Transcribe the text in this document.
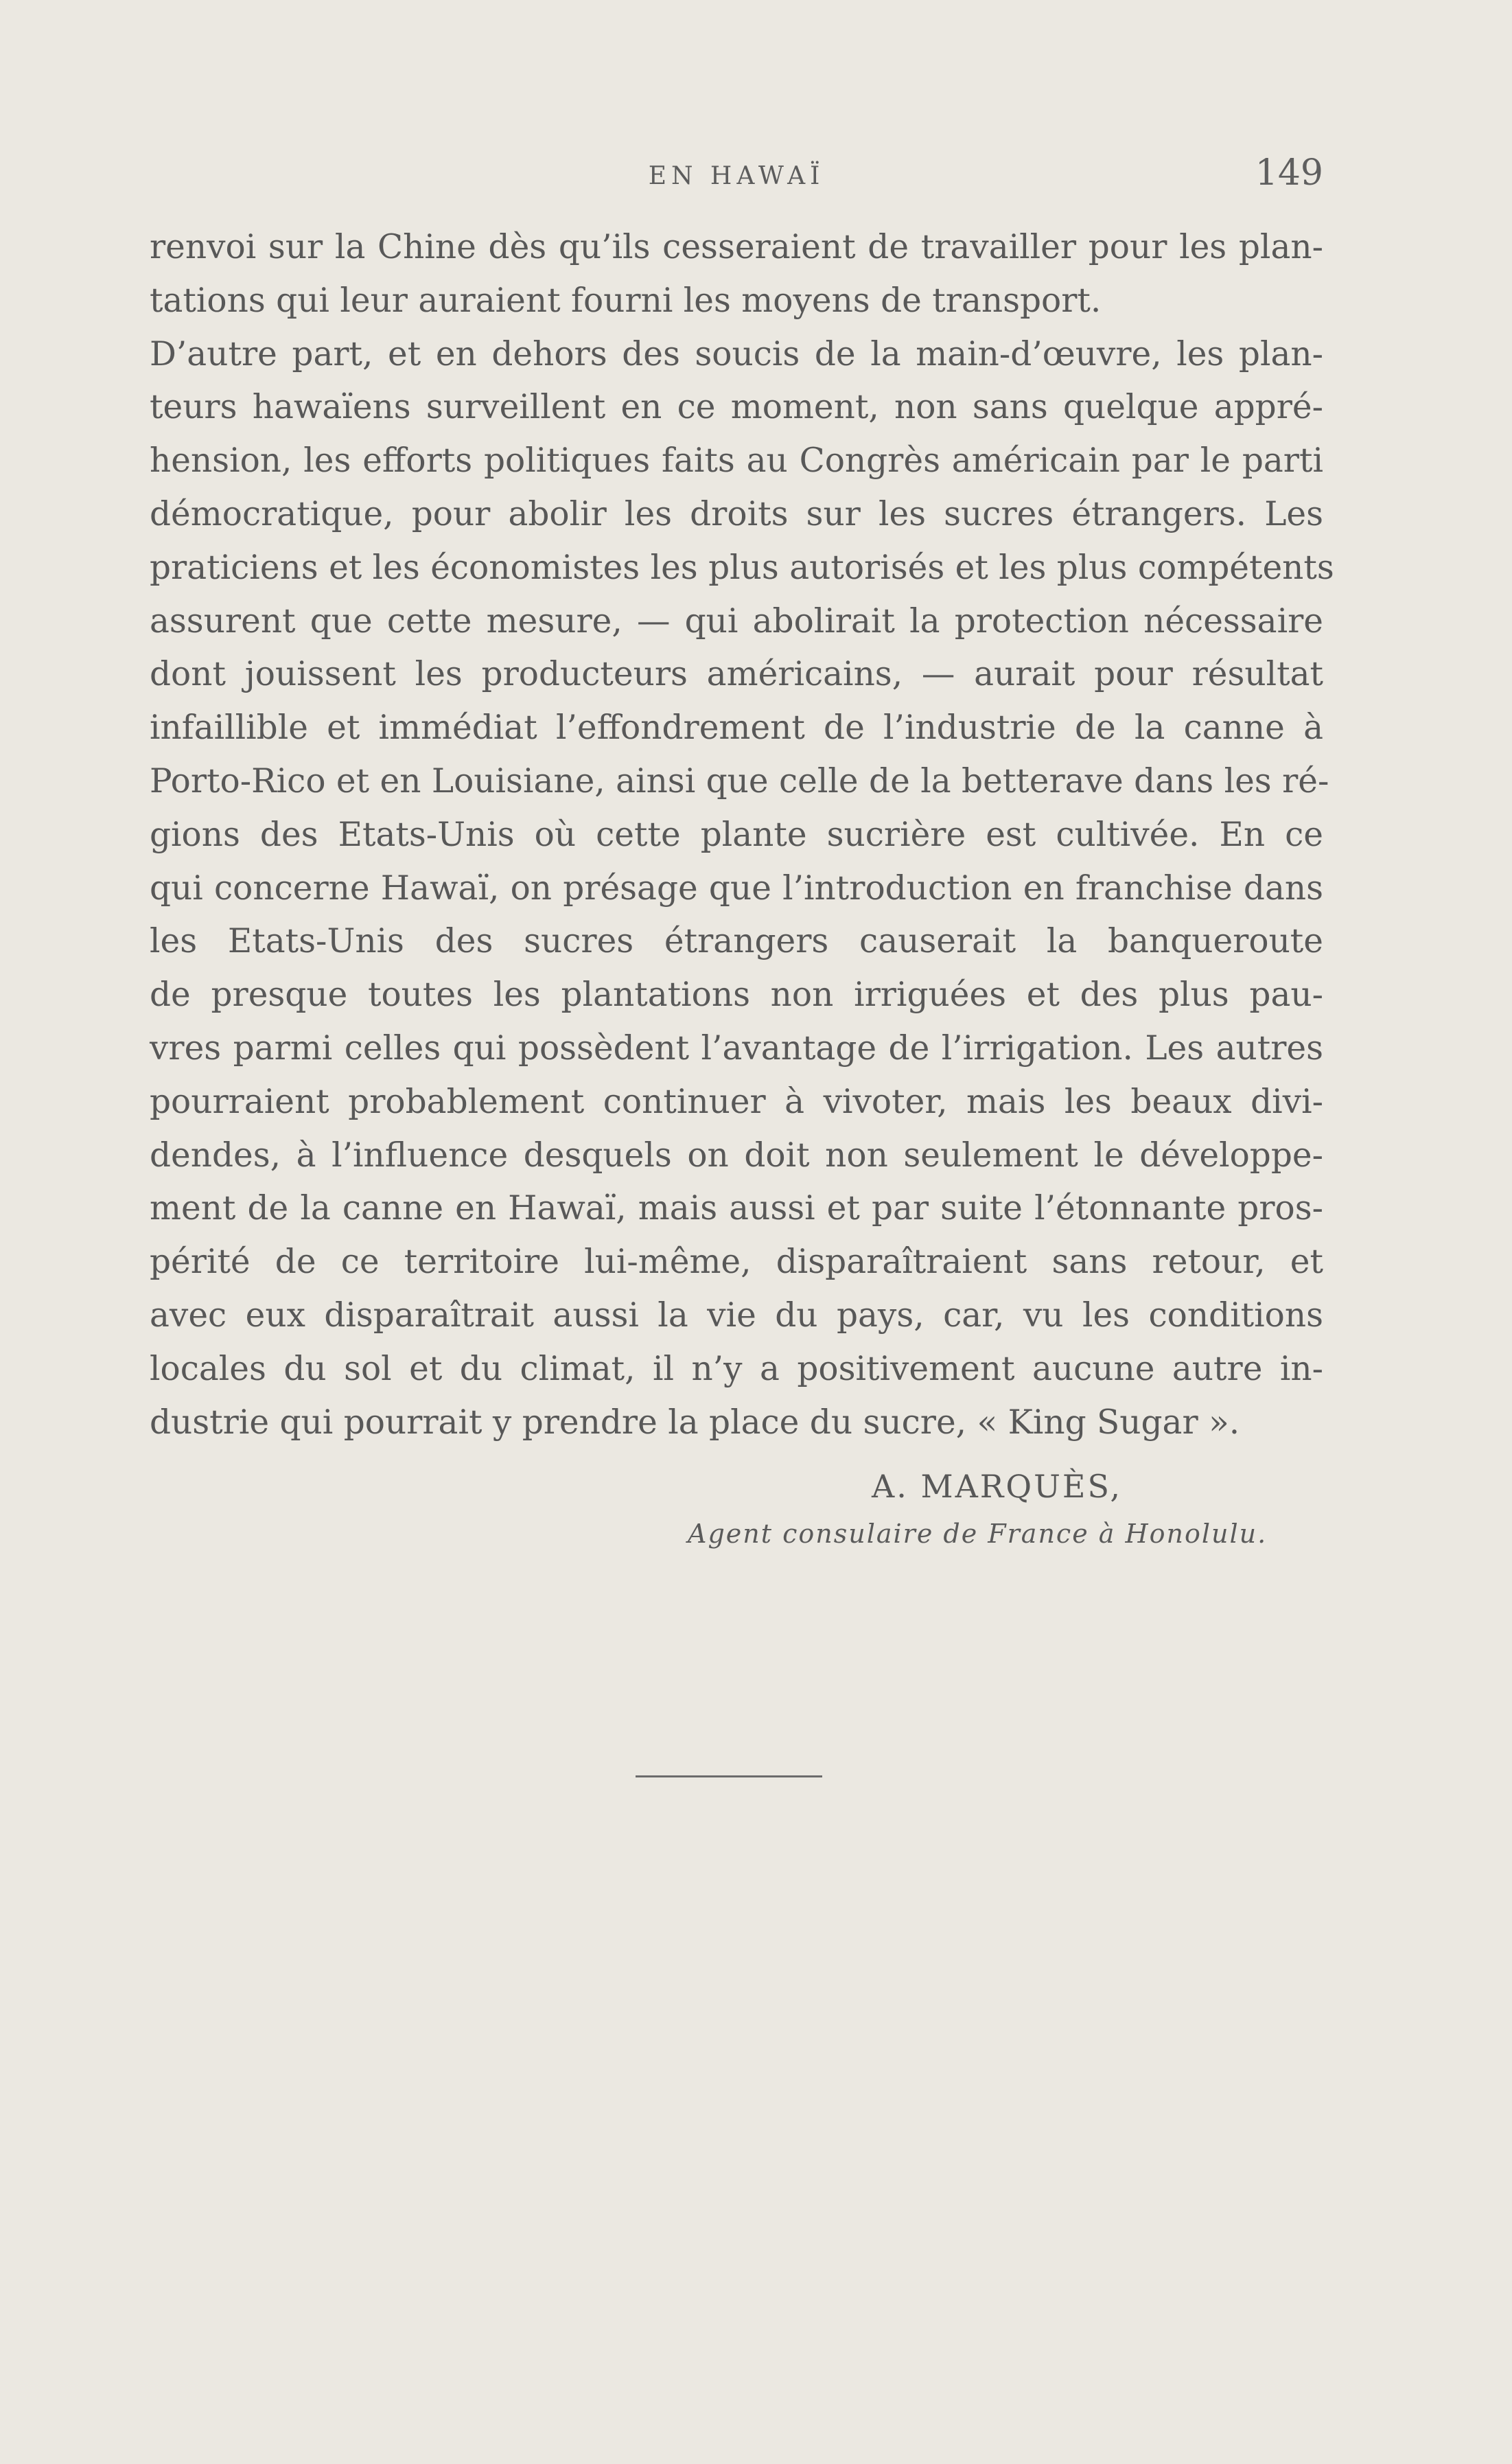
EN HAWAÏ	149
renvoi sur la Chine dès qu’ils cesseraient de travailler pour les plan-
tations qui leur auraient fourni les moyens de transport.
D’autre part, et en dehors des soucis de la main-d’œuvre, les plan-
teurs hawaïens surveillent en ce moment, non sans quelque appré-
hension, les efforts politiques faits au Congrès américain par le parti
démocratique, pour abolir les droits sur les sucres étrangers. Les
praticiens et les économistes les plus autorisés et les plus compétents
assurent que cette mesure, — qui abolirait la protection nécessaire
dont jouissent les producteurs américains, — aurait pour résultat
infaillible et immédiat l’effondrement de l’industrie de la canne à
Porto-Rico et en Louisiane, ainsi que celle de la betterave dans les ré-
gions des Etats-Unis où cette plante sucrière est cultivée. En ce
qui concerne Hawaï, on présage que l’introduction en franchise dans
les Etats-Unis des sucres étrangers causerait la banqueroute
de presque toutes les plantations non irriguées et des plus pau-
vres parmi celles qui possèdent l’avantage de l’irrigation. Les autres
pourraient probablement continuer à vivoter, mais les beaux divi-
dendes, à l’influence desquels on doit non seulement le développe-
ment de la canne en Hawaï, mais aussi et par suite l’étonnante pros-
périté de ce territoire lui-même, disparaîtraient sans retour, et
avec eux disparaîtrait aussi la vie du pays, car, vu les conditions
locales du sol et du climat, il n’y a positivement aucune autre in-
dustrie qui pourrait y prendre la place du sucre, « King Sugar ».
A. MARQUÈS,
Agent consulaire de France à Honolulu.
